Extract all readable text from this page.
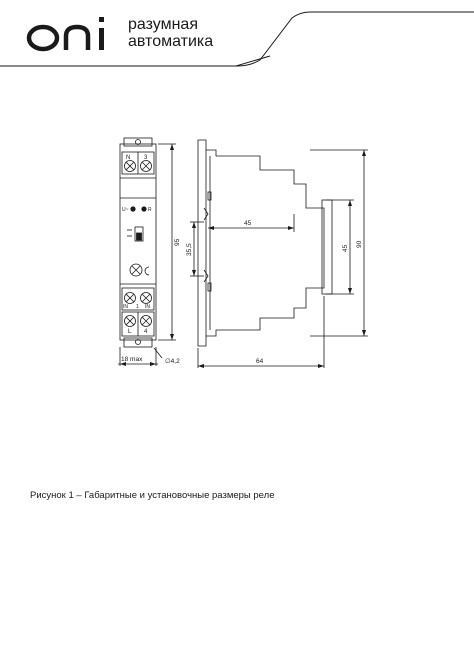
разумная
автоматика
N 3
U~	R
IN 1 IN
L 4
18 max	∅4,2
95
35,5
45
45
90
64
Рисунок 1 – Габаритные и установочные размеры реле
